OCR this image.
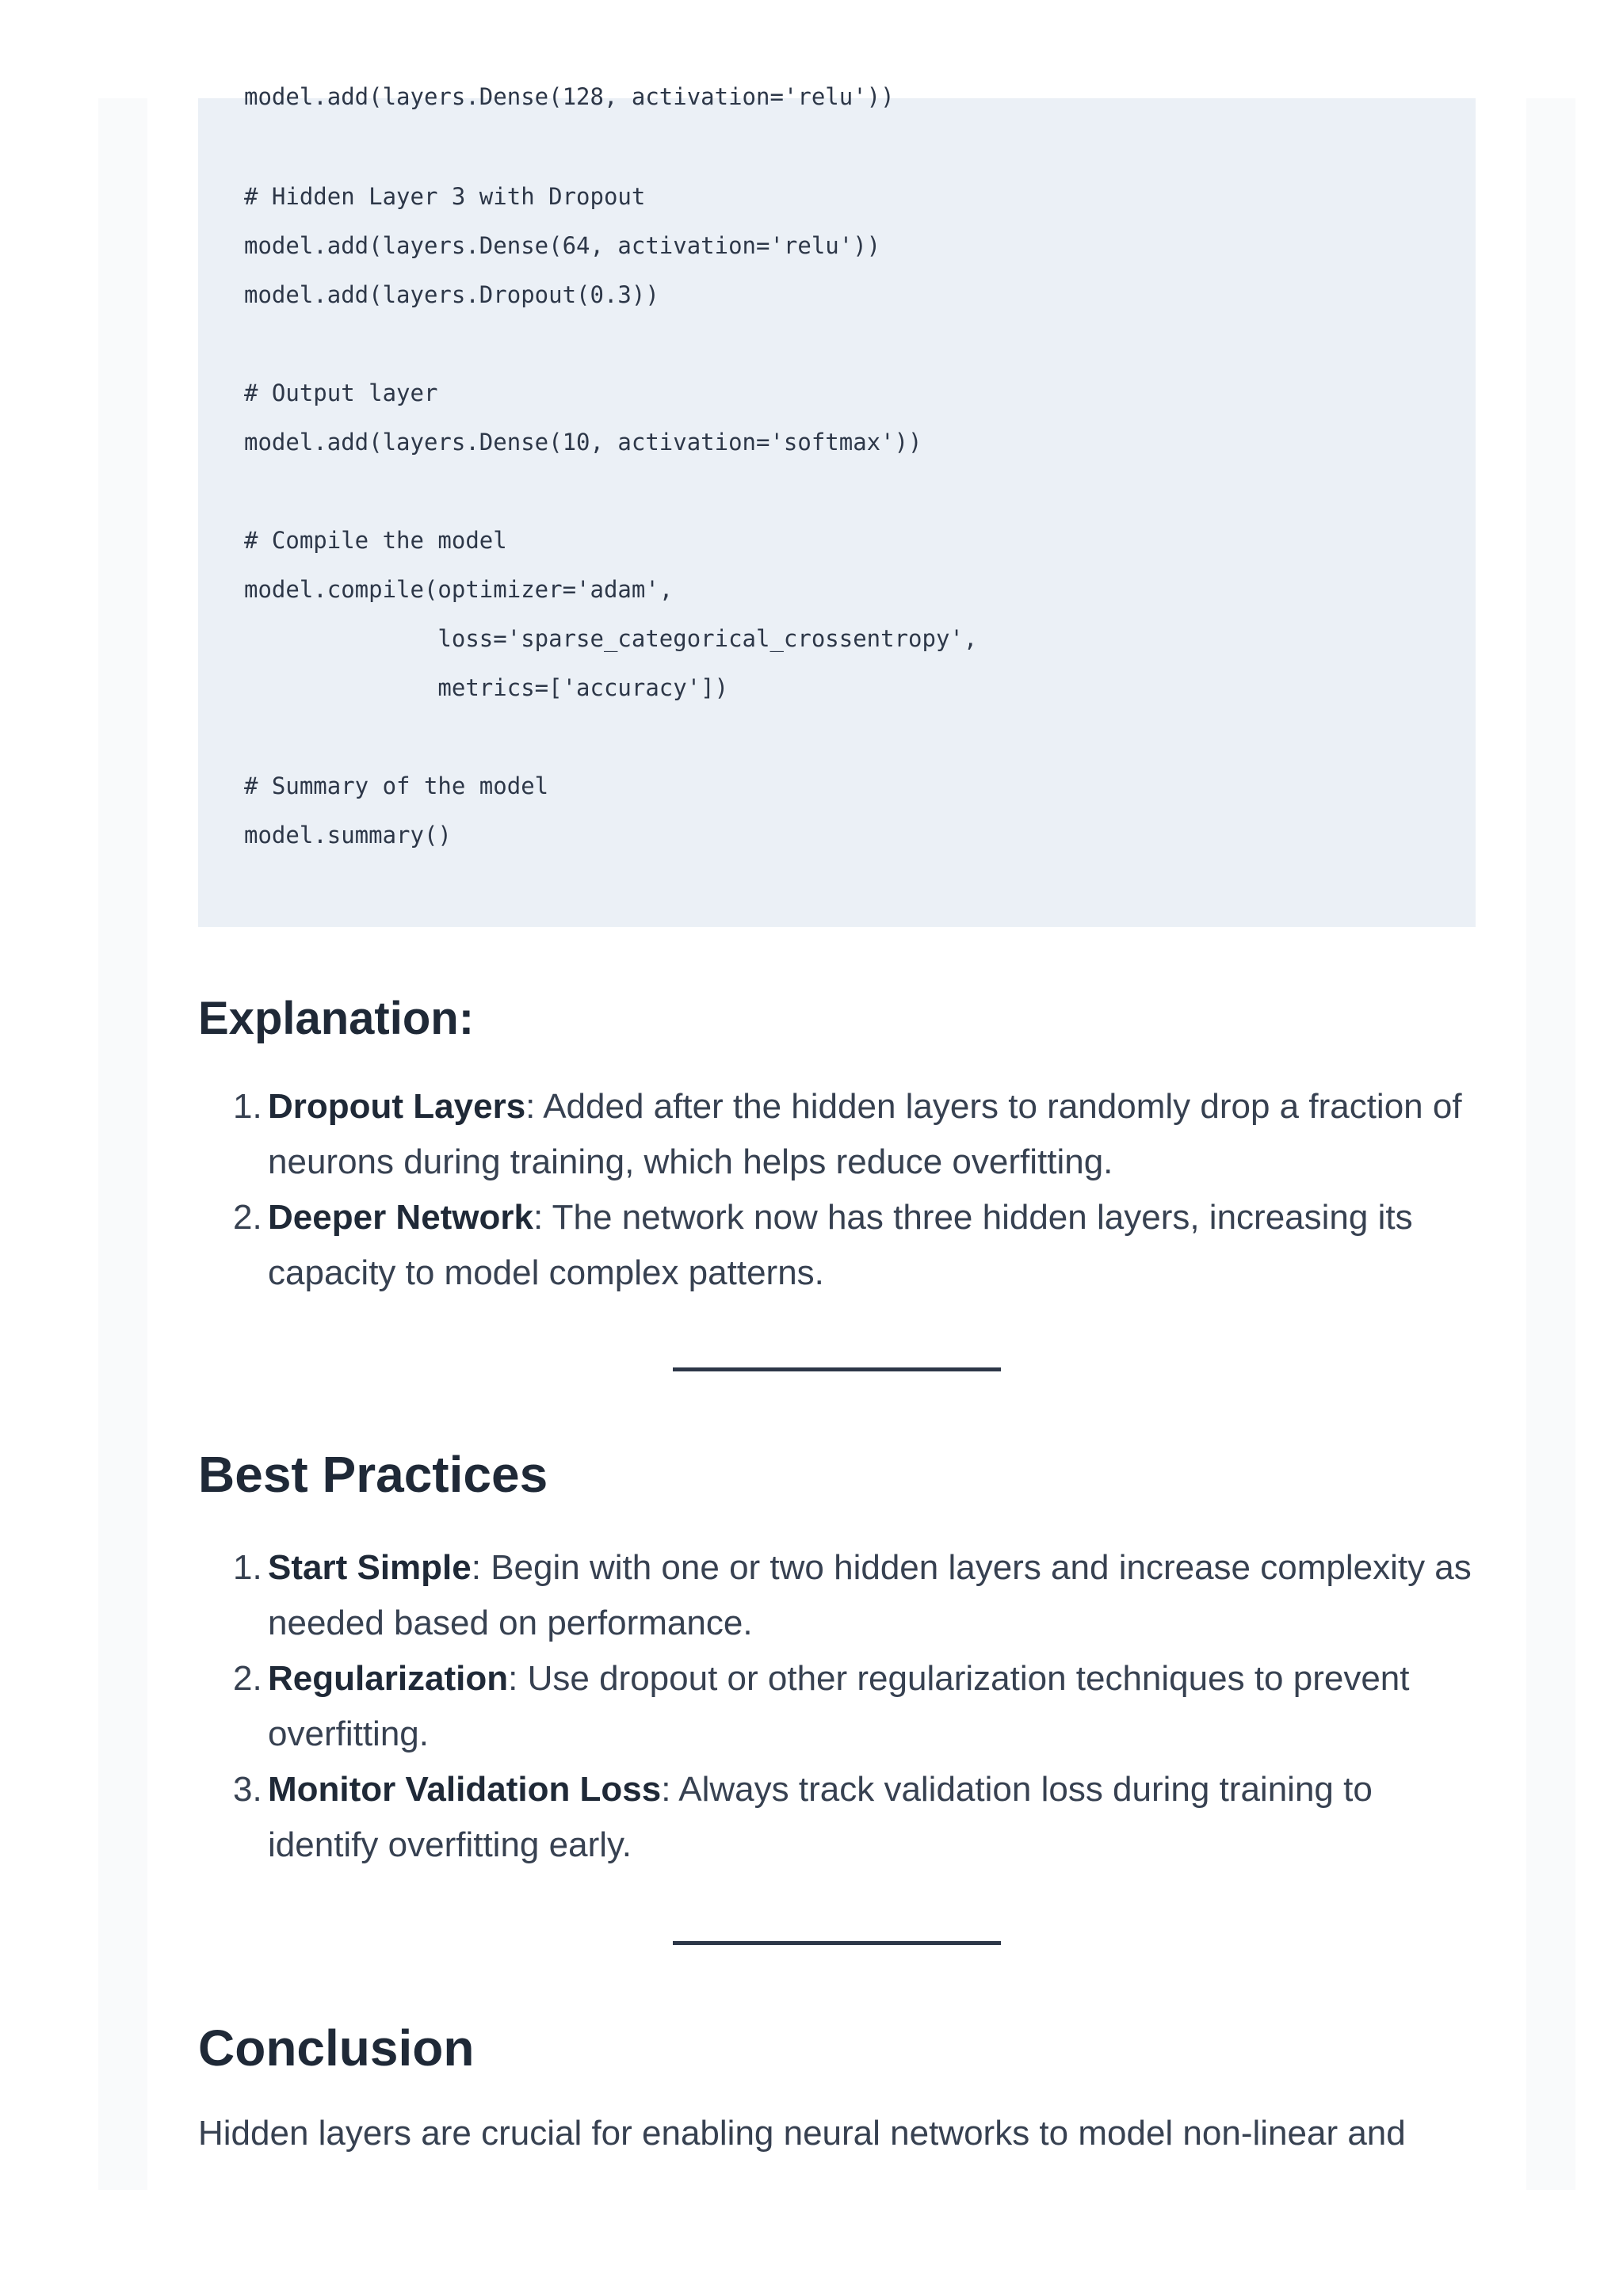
model.add(layers.Dense(128, activation='relu'))
# Hidden Layer 3 with Dropout
model.add(layers.Dense(64, activation='relu'))
model.add(layers.Dropout(0.3))
# Output layer
model.add(layers.Dense(10, activation='softmax'))
# Compile the model
model.compile(optimizer='adam',
loss='sparse_categorical_crossentropy',
metrics=['accuracy'])
# Summary of the model
model.summary()
Explanation:
1. Dropout Layers: Added after the hidden layers to randomly drop a fraction of
neurons during training, which helps reduce overfitting.
2. Deeper Network: The network now has three hidden layers, increasing its
capacity to model complex patterns.
Best Practices
1. Start Simple: Begin with one or two hidden layers and increase complexity as
needed based on performance.
2. Regularization: Use dropout or other regularization techniques to prevent
overfitting.
3. Monitor Validation Loss: Always track validation loss during training to
identify overfitting early.
Conclusion

Hidden layers are crucial for enabling neural networks to model non-linear and
